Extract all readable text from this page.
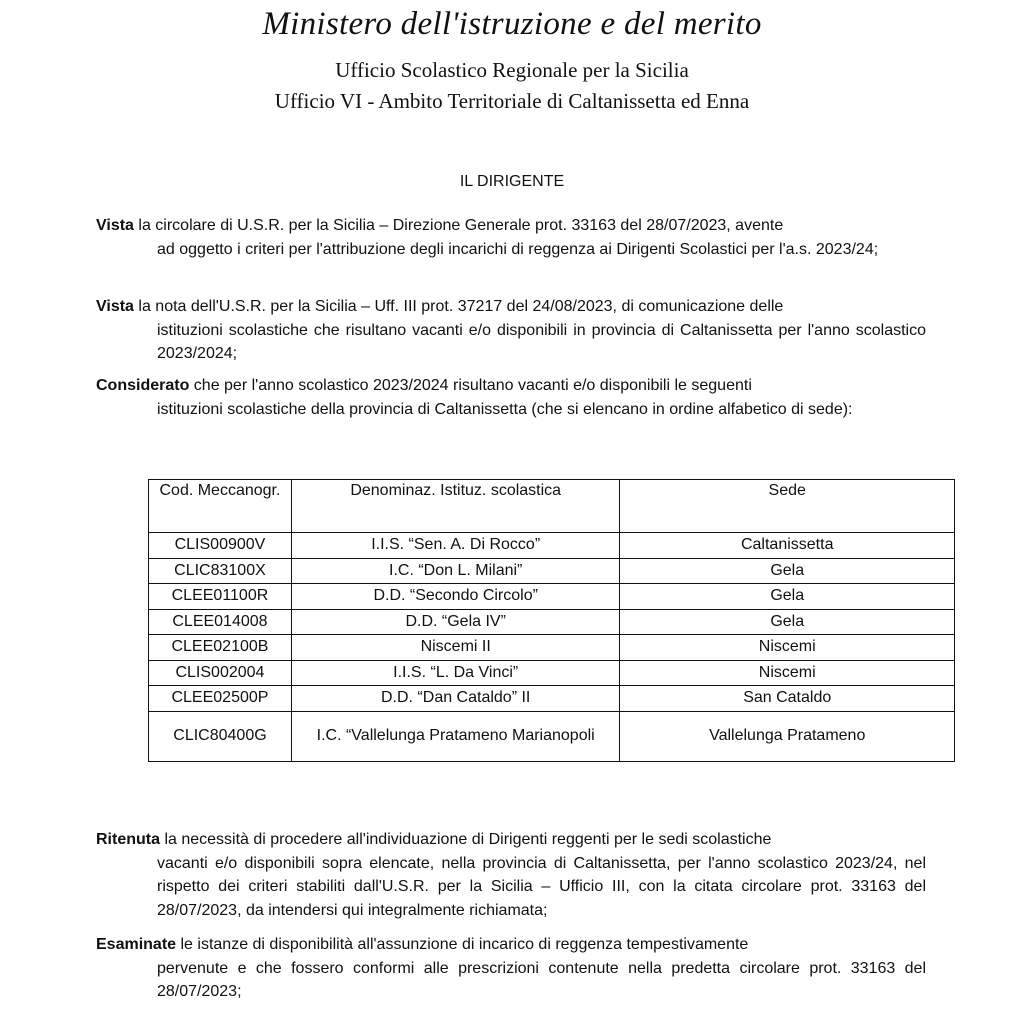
Ministero dell'istruzione e del merito
Ufficio Scolastico Regionale per la Sicilia
Ufficio VI - Ambito Territoriale di Caltanissetta ed Enna
IL DIRIGENTE
Vista la circolare di U.S.R. per la Sicilia – Direzione Generale prot. 33163 del 28/07/2023, avente
ad oggetto i criteri per l'attribuzione degli incarichi di reggenza ai Dirigenti Scolastici per l'a.s. 2023/24;
Vista la nota dell'U.S.R. per la Sicilia – Uff. III prot. 37217 del 24/08/2023, di comunicazione delle
istituzioni scolastiche che risultano vacanti e/o disponibili in provincia di Caltanissetta per l'anno scolastico 2023/2024;
Considerato che per l'anno scolastico 2023/2024 risultano vacanti e/o disponibili le seguenti
istituzioni scolastiche della provincia di Caltanissetta (che si elencano in ordine alfabetico di sede):
Cod. Meccanogr.	Denominaz. Istituz. scolastica	Sede
CLIS00900V	I.I.S. “Sen. A. Di Rocco”	Caltanissetta
CLIC83100X	I.C. “Don L. Milani”	Gela
CLEE01100R	D.D. “Secondo Circolo”	Gela
CLEE014008	D.D. “Gela IV”	Gela
CLEE02100B	Niscemi II	Niscemi
CLIS002004	I.I.S. “L. Da Vinci”	Niscemi
CLEE02500P	D.D. “Dan Cataldo” II	San Cataldo
CLIC80400G	I.C. “Vallelunga Pratameno Marianopoli	Vallelunga Pratameno
Ritenuta la necessità di procedere all'individuazione di Dirigenti reggenti per le sedi scolastiche
vacanti e/o disponibili sopra elencate, nella provincia di Caltanissetta, per l'anno scolastico 2023/24, nel rispetto dei criteri stabiliti dall'U.S.R. per la Sicilia – Ufficio III, con la citata circolare prot. 33163 del 28/07/2023, da intendersi qui integralmente richiamata;
Esaminate le istanze di disponibilità all'assunzione di incarico di reggenza tempestivamente
pervenute e che fossero conformi alle prescrizioni contenute nella predetta circolare prot. 33163 del 28/07/2023;
